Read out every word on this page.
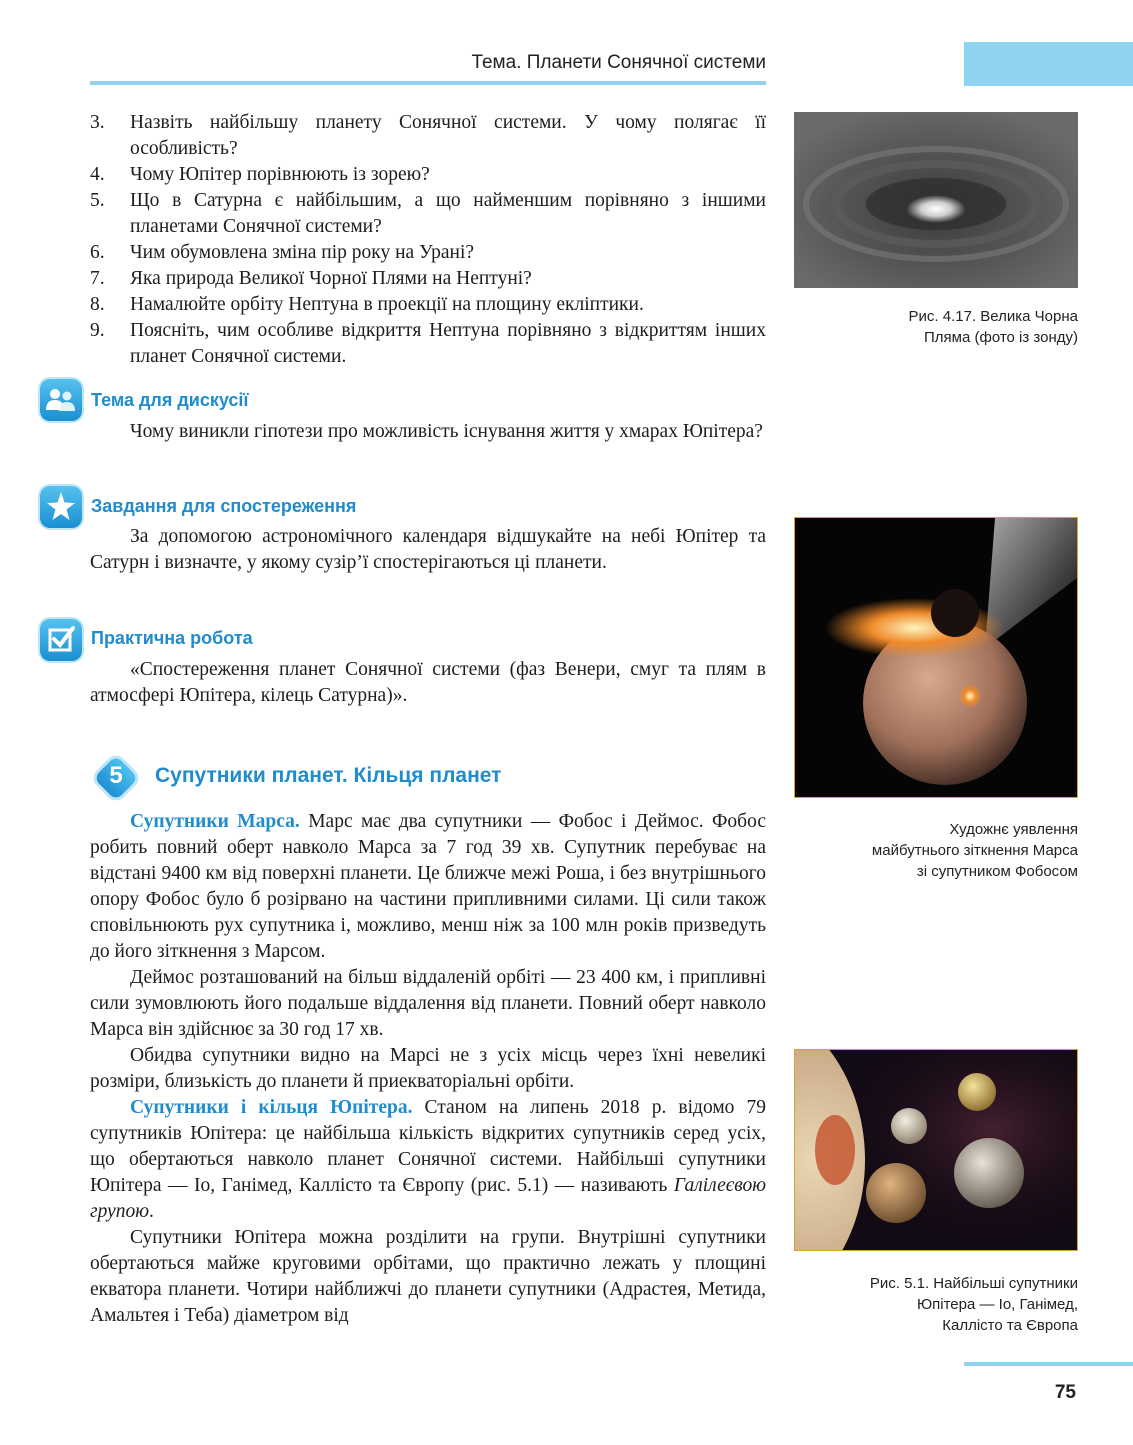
Тема. Планети Сонячної системи
3.	Назвіть найбільшу планету Сонячної системи. У чому полягає її особливість?
4.	Чому Юпітер порівнюють із зорею?
5.	Що в Сатурна є найбільшим, а що найменшим порівняно з іншими планетами Сонячної системи?
6.	Чим обумовлена зміна пір року на Урані?
7.	Яка природа Великої Чорної Плями на Нептуні?
8.	Намалюйте орбіту Нептуна в проекції на площину екліптики.
9.	Поясніть, чим особливе відкриття Нептуна порівняно з відкриттям інших планет Сонячної системи.
Тема для дискусії

Чому виникли гіпотези про можливість існування життя у хмарах Юпітера?

Завдання для спостереження

За допомогою астрономічного календаря відшукайте на небі Юпітер та Сатурн і визначте, у якому сузір’ї спостерігаються ці планети.

Практична робота

«Спостереження планет Сонячної системи (фаз Венери, смуг та плям в атмосфері Юпітера, кілець Сатурна)».

5	Супутники планет. Кільця планет

Супутники Марса. Марс має два супутники — Фобос і Деймос. Фобос робить повний оберт навколо Марса за 7 год 39 хв. Супутник перебуває на відстані 9400 км від поверхні планети. Це ближче межі Роша, і без внутрішнього опору Фобос було б розірвано на частини припливними силами. Ці сили також сповільнюють рух супутника і, можливо, менш ніж за 100 млн років призведуть до його зіткнення з Марсом.

Деймос розташований на більш віддаленій орбіті — 23 400 км, і припливні сили зумовлюють його подальше віддалення від планети. Повний оберт навколо Марса він здійснює за 30 год 17 хв.

Обидва супутники видно на Марсі не з усіх місць через їхні невеликі розміри, близькість до планети й приекваторіальні орбіти.

Супутники і кільця Юпітера. Станом на липень 2018 р. відомо 79 супутників Юпітера: це найбільша кількість відкритих супутників серед усіх, що обертаються навколо планет Сонячної системи. Найбільші супутники Юпітера — Іо, Ганімед, Каллісто та Європу (рис. 5.1) — називають Галілеєвою групою.

Супутники Юпітера можна розділити на групи. Внутрішні супутники обертаються майже круговими орбітами, що практично лежать у площині екватора планети. Чотири найближчі до планети супутники (Адрастея, Метида, Амальтея і Теба) діаметром від

Рис. 4.17. Велика Чорна
Пляма (фото із зонду)

Художнє уявлення
майбутнього зіткнення Марса
зі супутником Фобосом

Рис. 5.1. Найбільші супутники
Юпітера — Іо, Ганімед,
Каллісто та Європа

75
